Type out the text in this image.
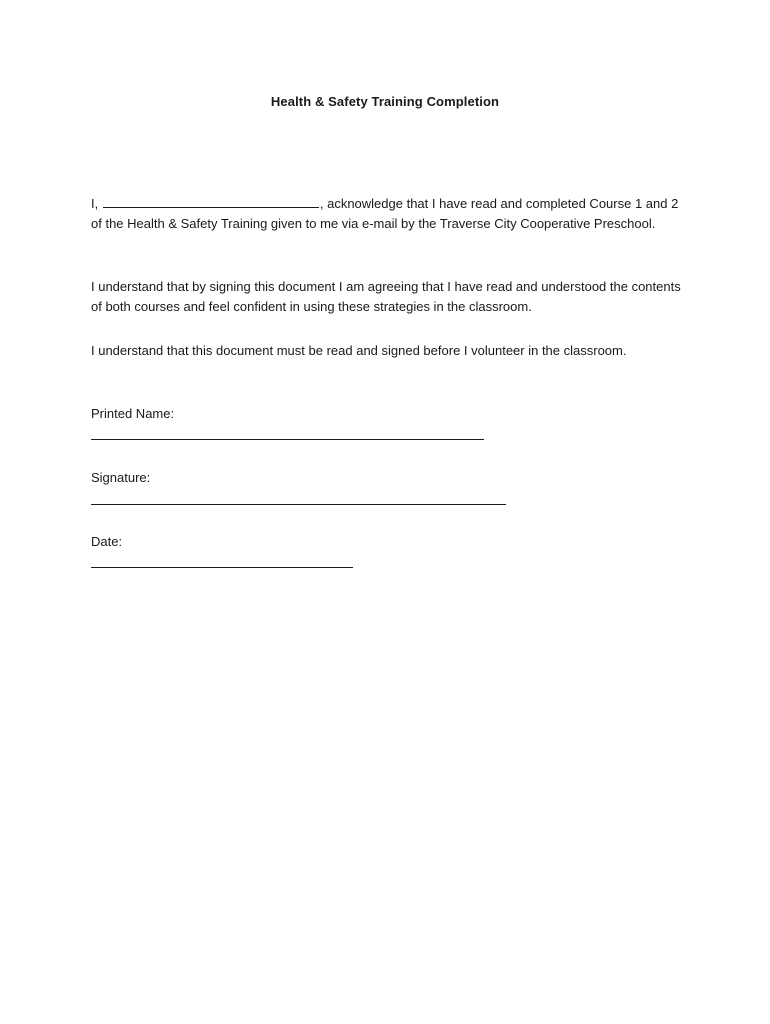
Health & Safety Training Completion

I,	, acknowledge that I have read and completed Course 1 and 2 of the Health & Safety Training given to me via e-mail by the Traverse City Cooperative Preschool.

I understand that by signing this document I am agreeing that I have read and understood the contents of both courses and feel confident in using these strategies in the classroom.

I understand that this document must be read and signed before I volunteer in the classroom.

Printed Name:
Signature:
Date:
